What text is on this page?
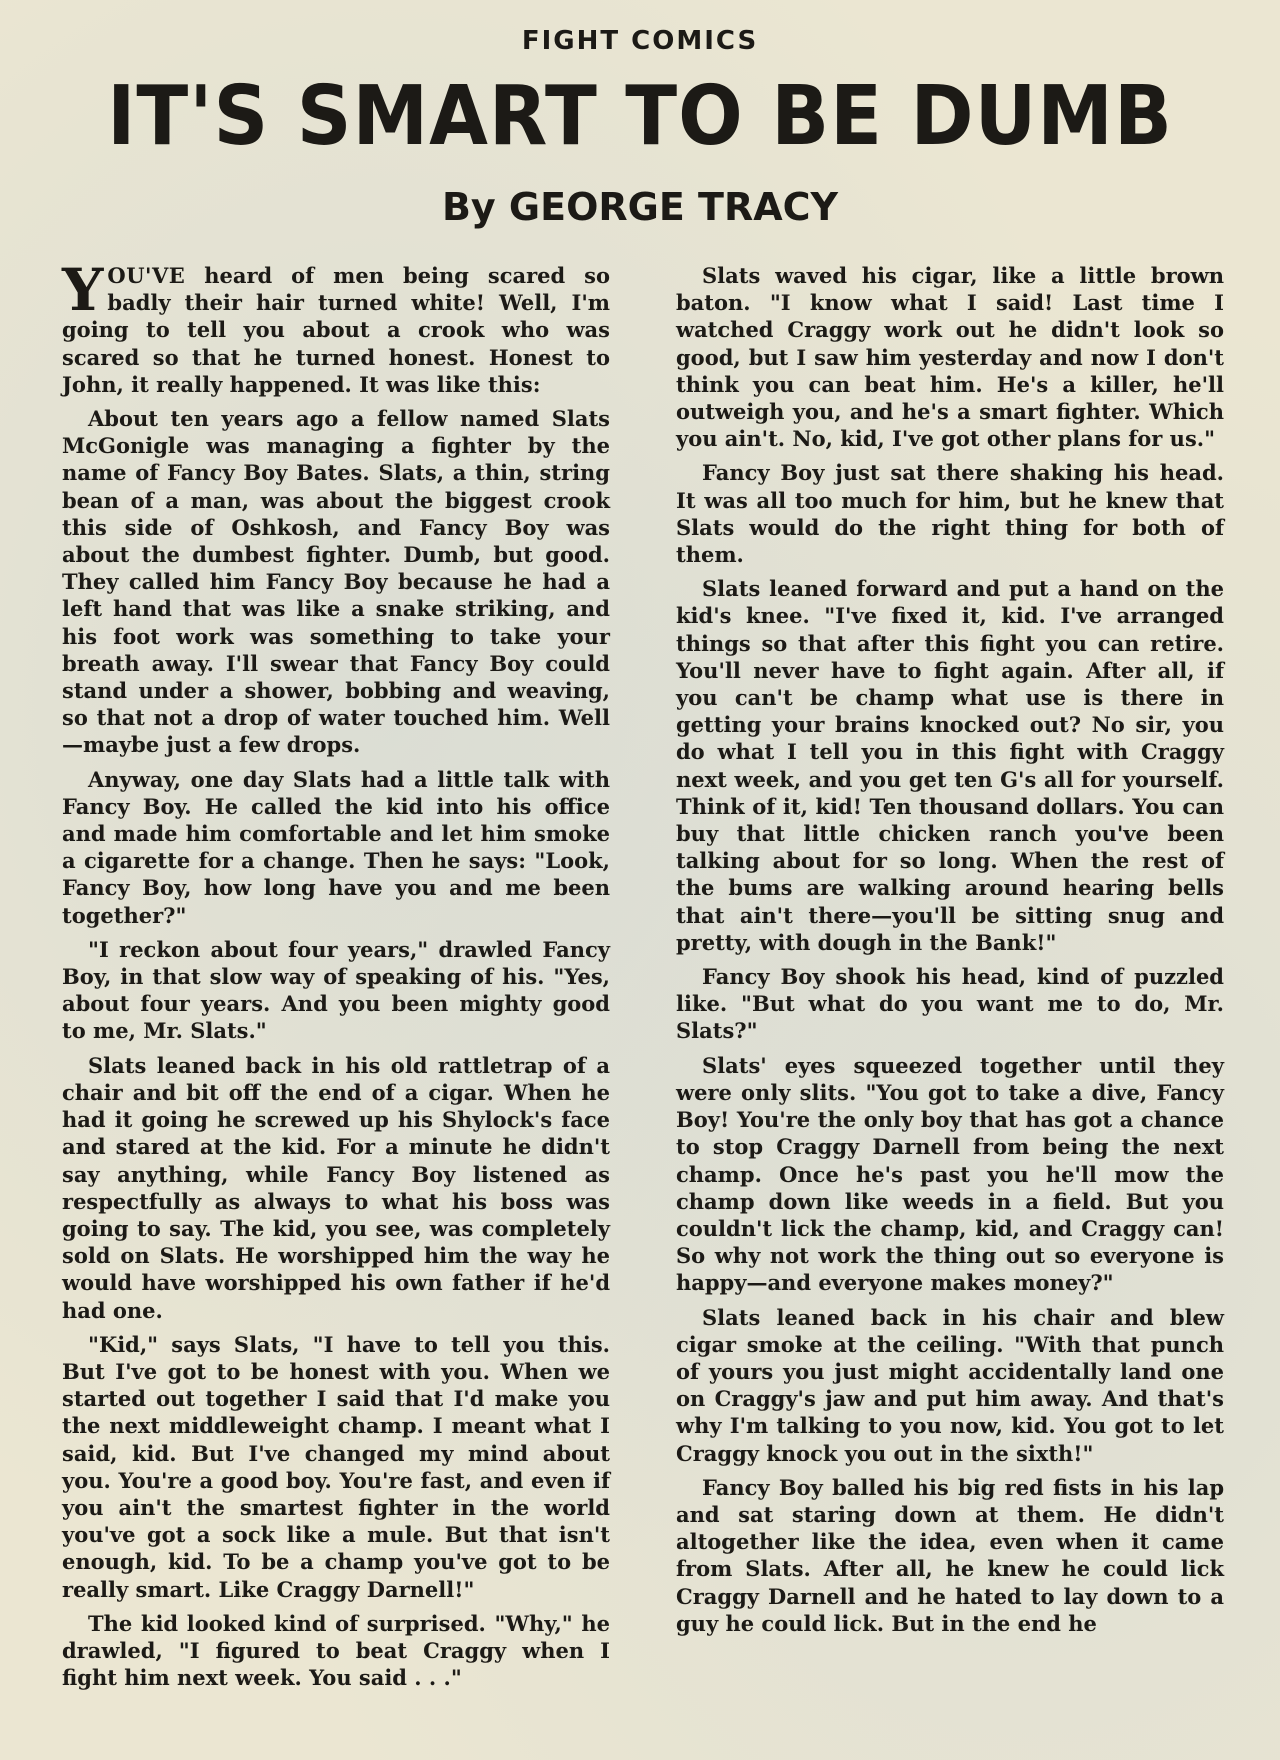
FIGHT COMICS
IT'S SMART TO BE DUMB
By GEORGE TRACY

YOU'VE heard of men being scared so badly their hair turned white! Well, I'm going to tell you about a crook who was scared so that he turned honest. Honest to John, it really happened. It was like this:

About ten years ago a fellow named Slats McGonigle was managing a fighter by the name of Fancy Boy Bates. Slats, a thin, string bean of a man, was about the biggest crook this side of Oshkosh, and Fancy Boy was about the dumbest fighter. Dumb, but good. They called him Fancy Boy because he had a left hand that was like a snake striking, and his foot work was something to take your breath away. I'll swear that Fancy Boy could stand under a shower, bobbing and weaving, so that not a drop of water touched him. Well—maybe just a few drops.

Anyway, one day Slats had a little talk with Fancy Boy. He called the kid into his office and made him comfortable and let him smoke a cigarette for a change. Then he says: "Look, Fancy Boy, how long have you and me been together?"

"I reckon about four years," drawled Fancy Boy, in that slow way of speaking of his. "Yes, about four years. And you been mighty good to me, Mr. Slats."

Slats leaned back in his old rattletrap of a chair and bit off the end of a cigar. When he had it going he screwed up his Shylock's face and stared at the kid. For a minute he didn't say anything, while Fancy Boy listened as respectfully as always to what his boss was going to say. The kid, you see, was completely sold on Slats. He worshipped him the way he would have worshipped his own father if he'd had one.

"Kid," says Slats, "I have to tell you this. But I've got to be honest with you. When we started out together I said that I'd make you the next middleweight champ. I meant what I said, kid. But I've changed my mind about you. You're a good boy. You're fast, and even if you ain't the smartest fighter in the world you've got a sock like a mule. But that isn't enough, kid. To be a champ you've got to be really smart. Like Craggy Darnell!"

The kid looked kind of surprised. "Why," he drawled, "I figured to beat Craggy when I fight him next week. You said . . ."

Slats waved his cigar, like a little brown baton. "I know what I said! Last time I watched Craggy work out he didn't look so good, but I saw him yesterday and now I don't think you can beat him. He's a killer, he'll outweigh you, and he's a smart fighter. Which you ain't. No, kid, I've got other plans for us."

Fancy Boy just sat there shaking his head. It was all too much for him, but he knew that Slats would do the right thing for both of them.

Slats leaned forward and put a hand on the kid's knee. "I've fixed it, kid. I've arranged things so that after this fight you can retire. You'll never have to fight again. After all, if you can't be champ what use is there in getting your brains knocked out? No sir, you do what I tell you in this fight with Craggy next week, and you get ten G's all for yourself. Think of it, kid! Ten thousand dollars. You can buy that little chicken ranch you've been talking about for so long. When the rest of the bums are walking around hearing bells that ain't there—you'll be sitting snug and pretty, with dough in the Bank!"

Fancy Boy shook his head, kind of puzzled like. "But what do you want me to do, Mr. Slats?"

Slats' eyes squeezed together until they were only slits. "You got to take a dive, Fancy Boy! You're the only boy that has got a chance to stop Craggy Darnell from being the next champ. Once he's past you he'll mow the champ down like weeds in a field. But you couldn't lick the champ, kid, and Craggy can! So why not work the thing out so everyone is happy—and everyone makes money?"

Slats leaned back in his chair and blew cigar smoke at the ceiling. "With that punch of yours you just might accidentally land one on Craggy's jaw and put him away. And that's why I'm talking to you now, kid. You got to let Craggy knock you out in the sixth!"

Fancy Boy balled his big red fists in his lap and sat staring down at them. He didn't altogether like the idea, even when it came from Slats. After all, he knew he could lick Craggy Darnell and he hated to lay down to a guy he could lick. But in the end he
